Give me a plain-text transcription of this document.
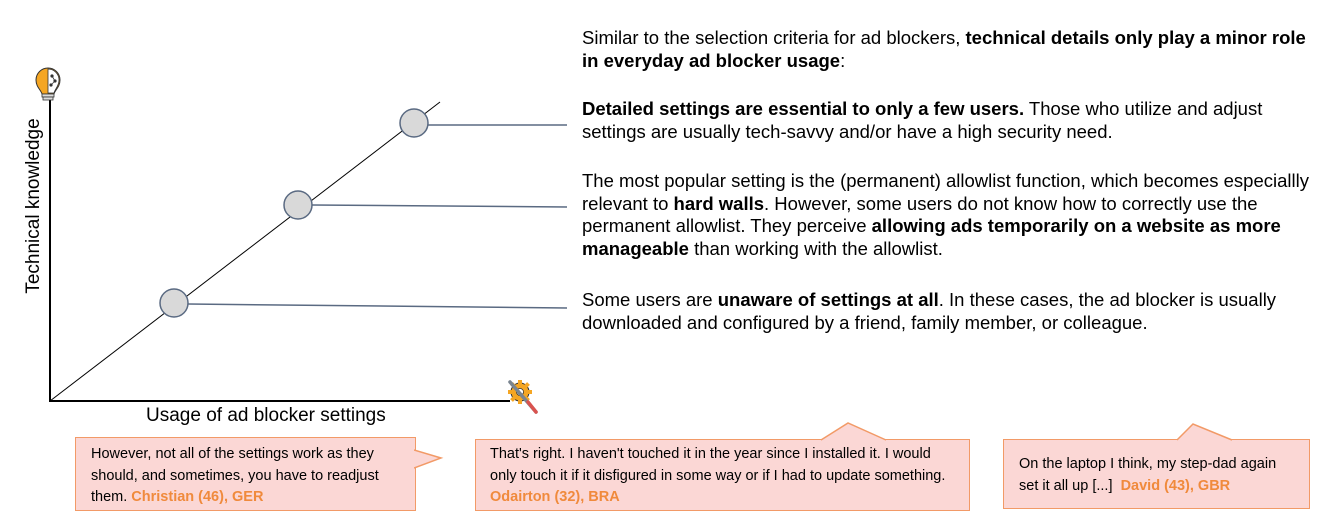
Usage of ad blocker settings
Technical knowledge
Similar to the selection criteria for ad blockers, technical details only play a minor role in everyday ad blocker usage:
Detailed settings are essential to only a few users. Those who utilize and adjust settings are usually tech-savvy and/or have a high security need.
The most popular setting is the (permanent) allowlist function, which becomes especiallly relevant to hard walls. However, some users do not know how to correctly use the permanent allowlist. They perceive allowing ads temporarily on a website as more manageable than working with the allowlist.
Some users are unaware of settings at all. In these cases, the ad blocker is usually downloaded and configured by a friend, family member, or colleague.
However, not all of the settings work as they should, and sometimes, you have to readjust them. Christian (46), GER
That's right. I haven't touched it in the year since I installed it. I would only touch it if it disfigured in some way or if I had to update something. Odairton (32), BRA
On the laptop I think, my step-dad again set it all up [...] David (43), GBR
